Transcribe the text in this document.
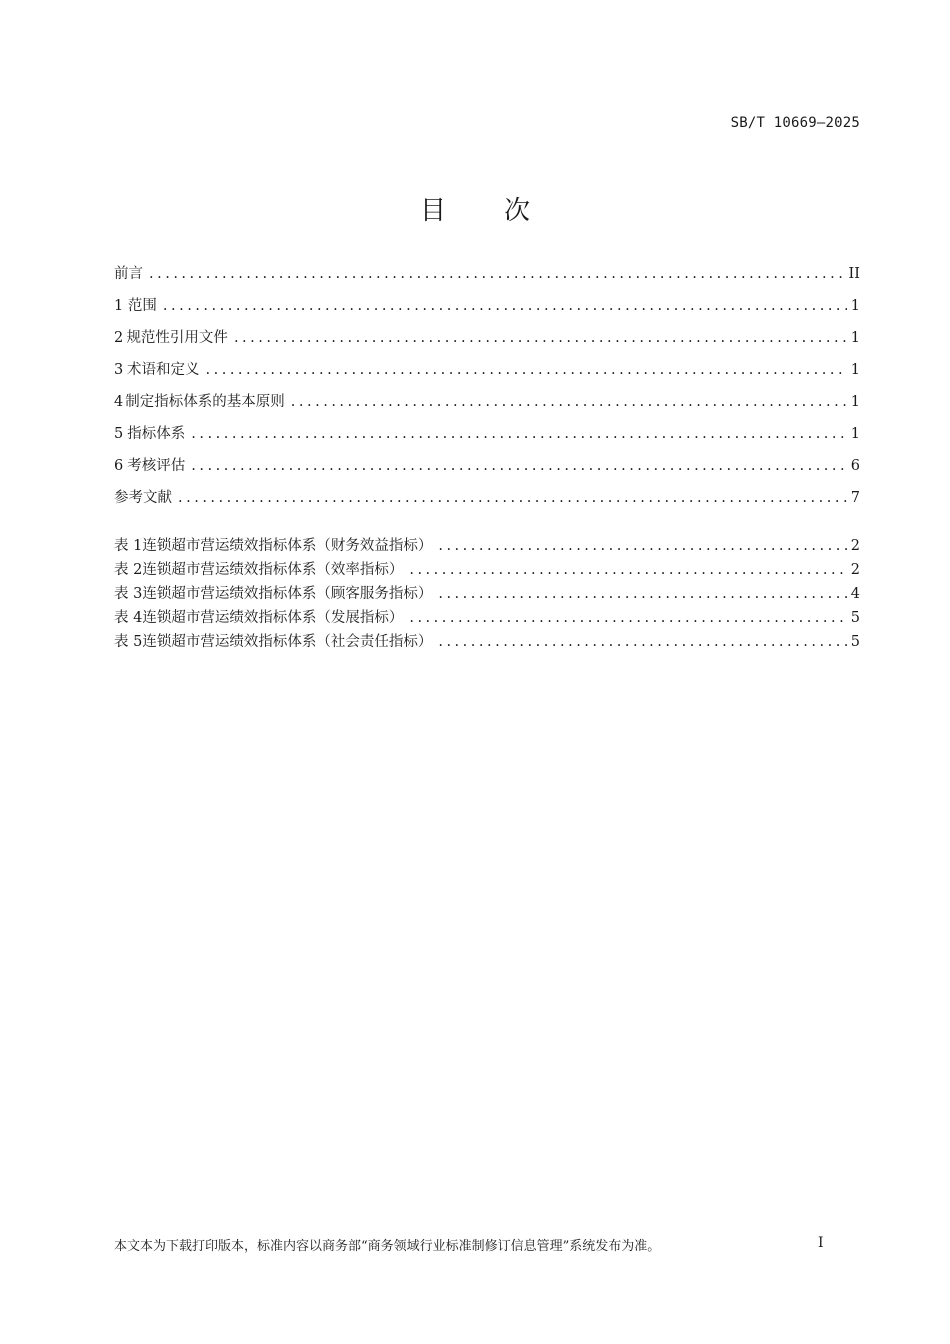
SB/T 10669—2025
目次
前言 .....	II
1 范围 .....	1
2 规范性引用文件 .....	1
3 术语和定义 .....	1
4 制定指标体系的基本原则 .....	1
5 指标体系 .....	1
6 考核评估 .....	6
参考文献 .....	7
表 1 连锁超市营运绩效指标体系（财务效益指标） .....	2
表 2 连锁超市营运绩效指标体系（效率指标） .....	2
表 3 连锁超市营运绩效指标体系（顾客服务指标） .....	4
表 4 连锁超市营运绩效指标体系（发展指标） .....	5
表 5 连锁超市营运绩效指标体系（社会责任指标） .....	5
本文本为下载打印版本，标准内容以商务部“商务领域行业标准制修订信息管理”系统发布为准。	I
